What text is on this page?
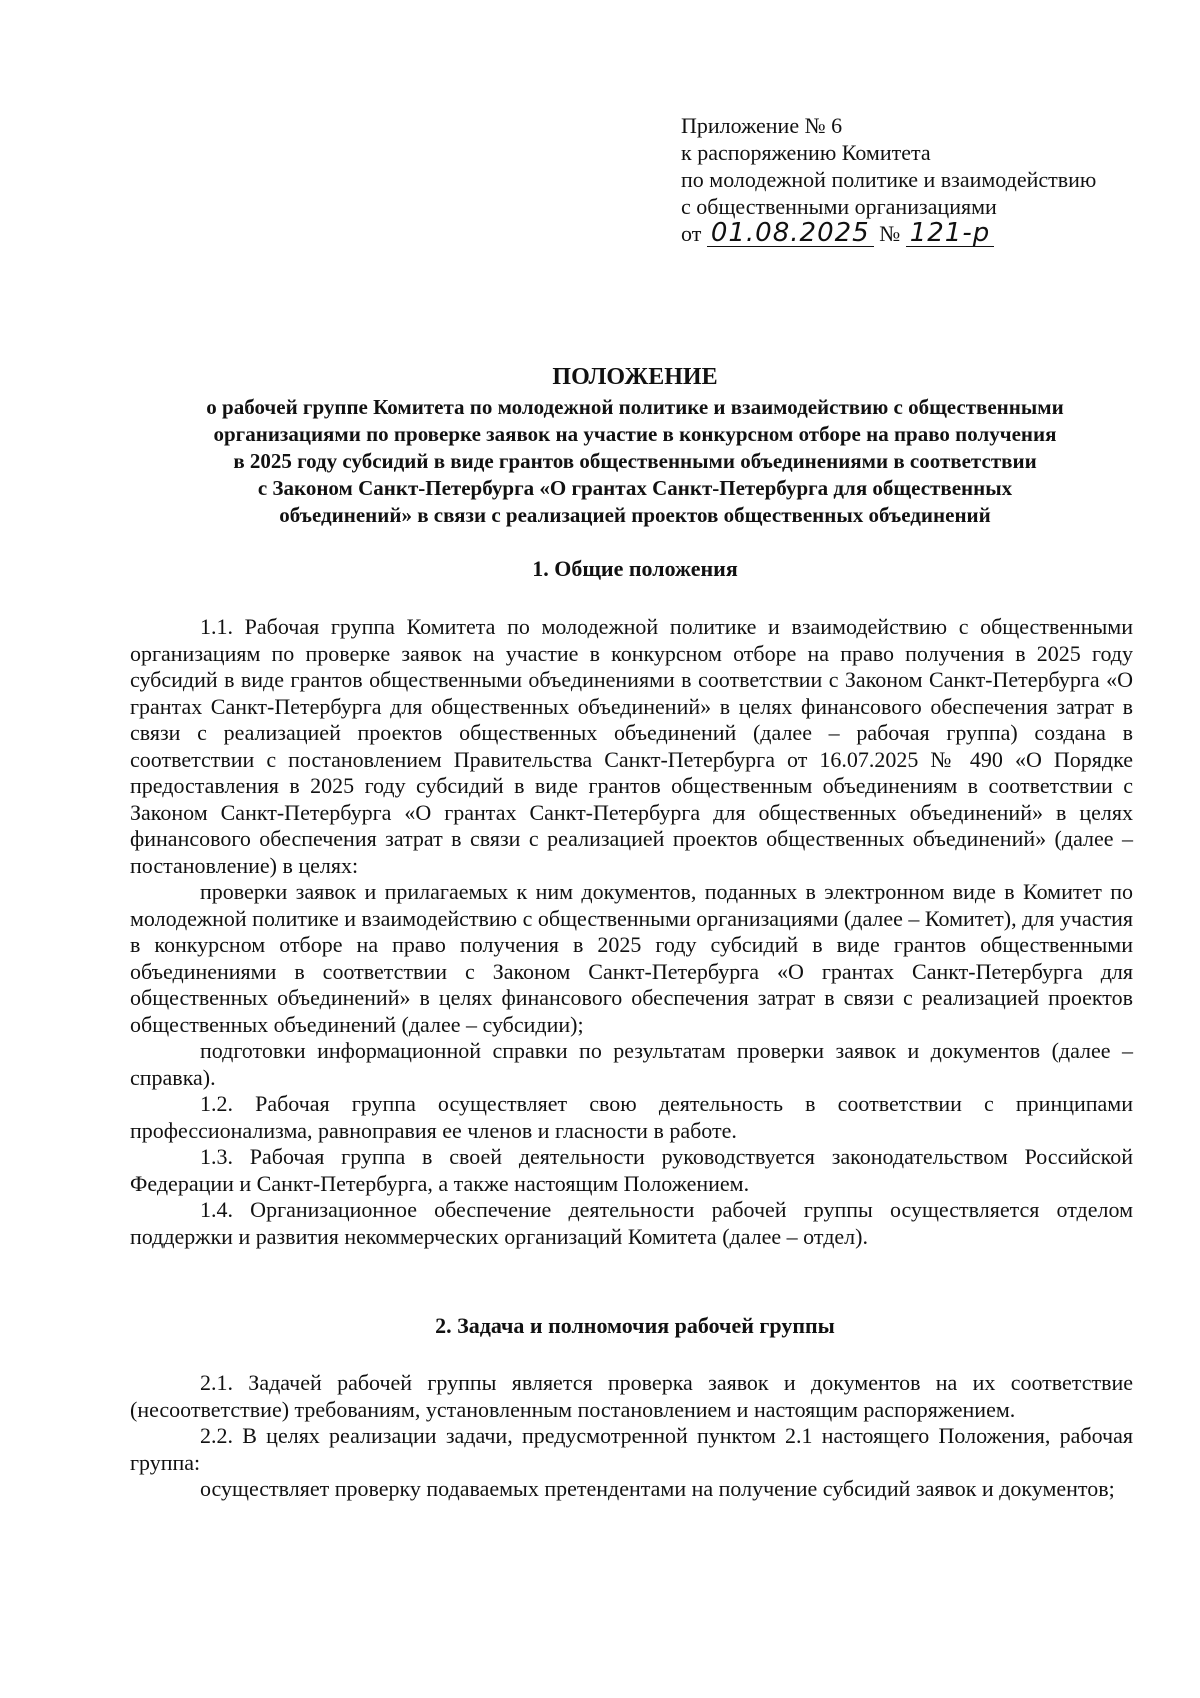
Приложение № 6
к распоряжению Комитета
по молодежной политике и взаимодействию
с общественными организациями
от 01.08.2025 № 121-р
ПОЛОЖЕНИЕ
о рабочей группе Комитета по молодежной политике и взаимодействию с общественными
организациями по проверке заявок на участие в конкурсном отборе на право получения
в 2025 году субсидий в виде грантов общественными объединениями в соответствии
с Законом Санкт-Петербурга «О грантах Санкт-Петербурга для общественных
объединений» в связи с реализацией проектов общественных объединений
1. Общие положения

1.1. Рабочая группа Комитета по молодежной политике и взаимодействию с общественными организациям по проверке заявок на участие в конкурсном отборе на право получения в 2025 году субсидий в виде грантов общественными объединениями в соответствии с Законом Санкт-Петербурга «О грантах Санкт-Петербурга для общественных объединений» в целях финансового обеспечения затрат в связи с реализацией проектов общественных объединений (далее – рабочая группа) создана в соответствии с постановлением Правительства Санкт-Петербурга от 16.07.2025 № 490 «О Порядке предоставления в 2025 году субсидий в виде грантов общественным объединениям в соответствии с Законом Санкт-Петербурга «О грантах Санкт-Петербурга для общественных объединений» в целях финансового обеспечения затрат в связи с реализацией проектов общественных объединений» (далее – постановление) в целях:

проверки заявок и прилагаемых к ним документов, поданных в электронном виде в Комитет по молодежной политике и взаимодействию с общественными организациями (далее – Комитет), для участия в конкурсном отборе на право получения в 2025 году субсидий в виде грантов общественными объединениями в соответствии с Законом Санкт-Петербурга «О грантах Санкт-Петербурга для общественных объединений» в целях финансового обеспечения затрат в связи с реализацией проектов общественных объединений (далее – субсидии);

подготовки информационной справки по результатам проверки заявок и документов (далее – справка).

1.2. Рабочая группа осуществляет свою деятельность в соответствии с принципами профессионализма, равноправия ее членов и гласности в работе.

1.3. Рабочая группа в своей деятельности руководствуется законодательством Российской Федерации и Санкт-Петербурга, а также настоящим Положением.

1.4. Организационное обеспечение деятельности рабочей группы осуществляется отделом поддержки и развития некоммерческих организаций Комитета (далее – отдел).

2. Задача и полномочия рабочей группы

2.1. Задачей рабочей группы является проверка заявок и документов на их соответствие (несоответствие) требованиям, установленным постановлением и настоящим распоряжением.

2.2. В целях реализации задачи, предусмотренной пунктом 2.1 настоящего Положения, рабочая группа:

осуществляет проверку подаваемых претендентами на получение субсидий заявок и документов;
